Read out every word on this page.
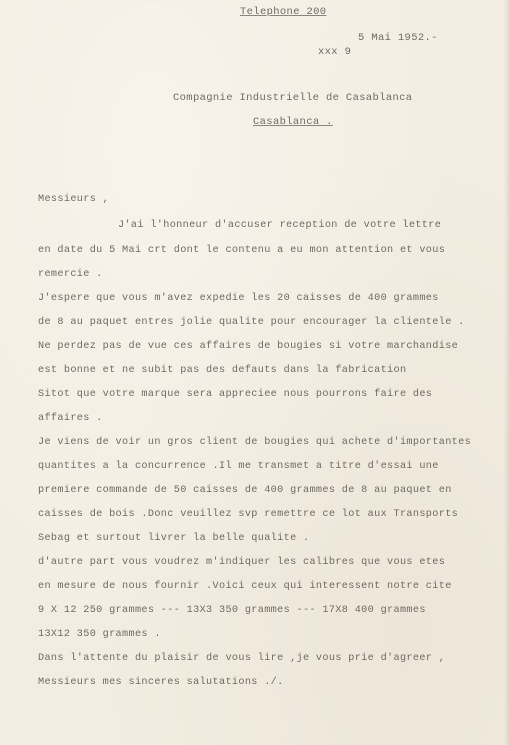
Telephone 200
5 Mai 1952.-
xxx 9
Compagnie Industrielle de Casablanca
Casablanca .
Messieurs ,
J'ai l'honneur d'accuser reception de votre lettre
en date du 5 Mai crt dont le contenu a eu mon attention et vous
remercie .
J'espere que vous m'avez expedie les 20 caisses de 400 grammes
de 8 au paquet entres jolie qualite pour encourager la clientele .
Ne perdez pas de vue ces affaires de bougies si votre marchandise
est bonne et ne subit pas des defauts dans la fabrication
Sitot que votre marque sera appreciee nous pourrons faire des
affaires .
Je viens de voir un gros client de bougies qui achete d'importantes
quantites a la concurrence .Il me transmet a titre d'essai une
premiere commande de 50 caisses de 400 grammes de 8 au paquet en
caisses de bois .Donc veuillez svp remettre ce lot aux Transports
Sebag et surtout livrer la belle qualite .
d'autre part vous voudrez m'indiquer les calibres que vous etes
en mesure de nous fournir .Voici ceux qui interessent notre cite
9 X 12 250 grammes --- 13X3 350 grammes --- 17X8 400 grammes
13X12 350 grammes .
Dans l'attente du plaisir de vous lire ,je vous prie d'agreer ,
Messieurs mes sinceres salutations ./.
